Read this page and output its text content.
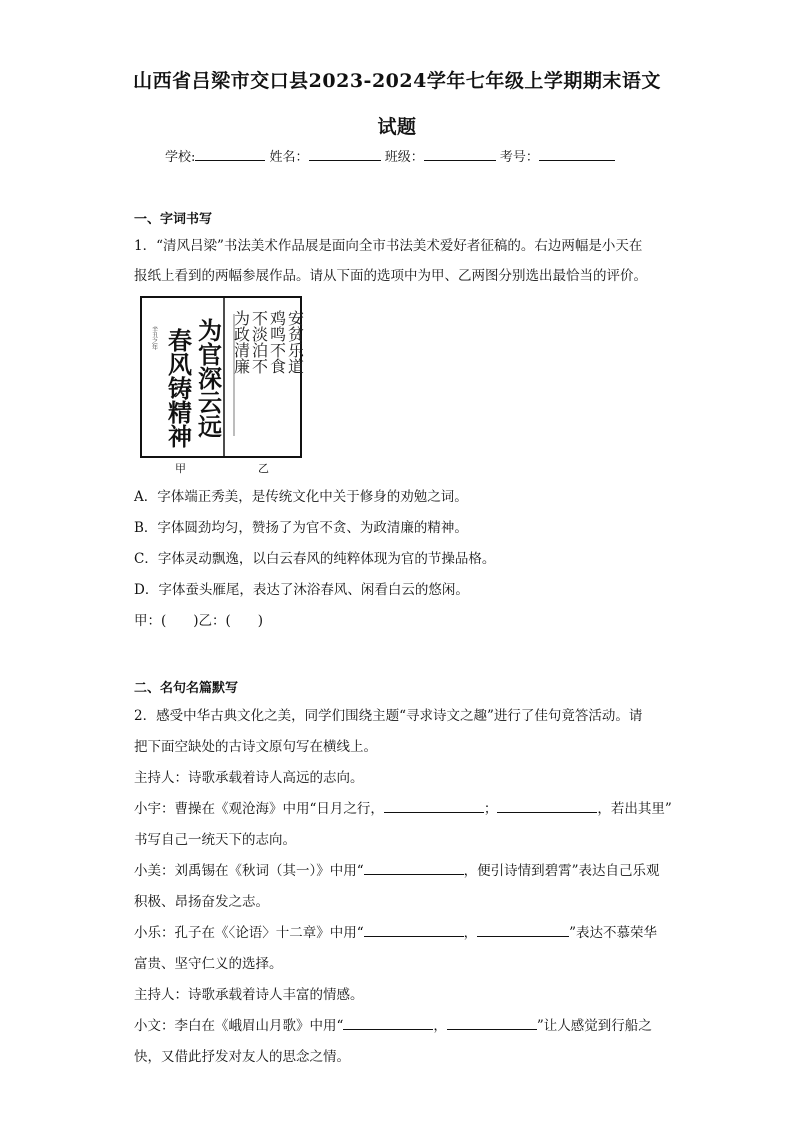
山西省吕梁市交口县2023-2024学年七年级上学期期末语文
试题
学校:	姓名：	班级：	考号：
一、字词书写
1．“清风吕梁”书法美术作品展是面向全市书法美术爱好者征稿的。右边两幅是小天在
报纸上看到的两幅参展作品。请从下面的选项中为甲、乙两图分别选出最恰当的评价。
为官深云远
春风铸精神
辛丑之年	安贫乐道
鸡鸣不食
不淡泊不
为政清廉
甲	乙
A．字体端正秀美，是传统文化中关于修身的劝勉之词。
B．字体圆劲均匀，赞扬了为官不贪、为政清廉的精神。
C．字体灵动飘逸，以白云春风的纯粹体现为官的节操品格。
D．字体蚕头雁尾，表达了沐浴春风、闲看白云的悠闲。
甲：(　　)乙：(　　)
二、名句名篇默写
2．感受中华古典文化之美，同学们围绕主题“寻求诗文之趣”进行了佳句竟答活动。请
把下面空缺处的古诗文原句写在横线上。
主持人：诗歌承载着诗人高远的志向。
小宇：曹操在《观沧海》中用“日月之行，	；	，若出其里”
书写自己一统天下的志向。
小美：刘禹锡在《秋词（其一）》中用“	，便引诗情到碧霄”表达自己乐观
积极、昂扬奋发之志。
小乐：孔子在《〈论语〉十二章》中用“	，	”表达不慕荣华
富贵、坚守仁义的选择。
主持人：诗歌承载着诗人丰富的情感。
小文：李白在《峨眉山月歌》中用“	，	”让人感觉到行船之
快，又借此抒发对友人的思念之情。
